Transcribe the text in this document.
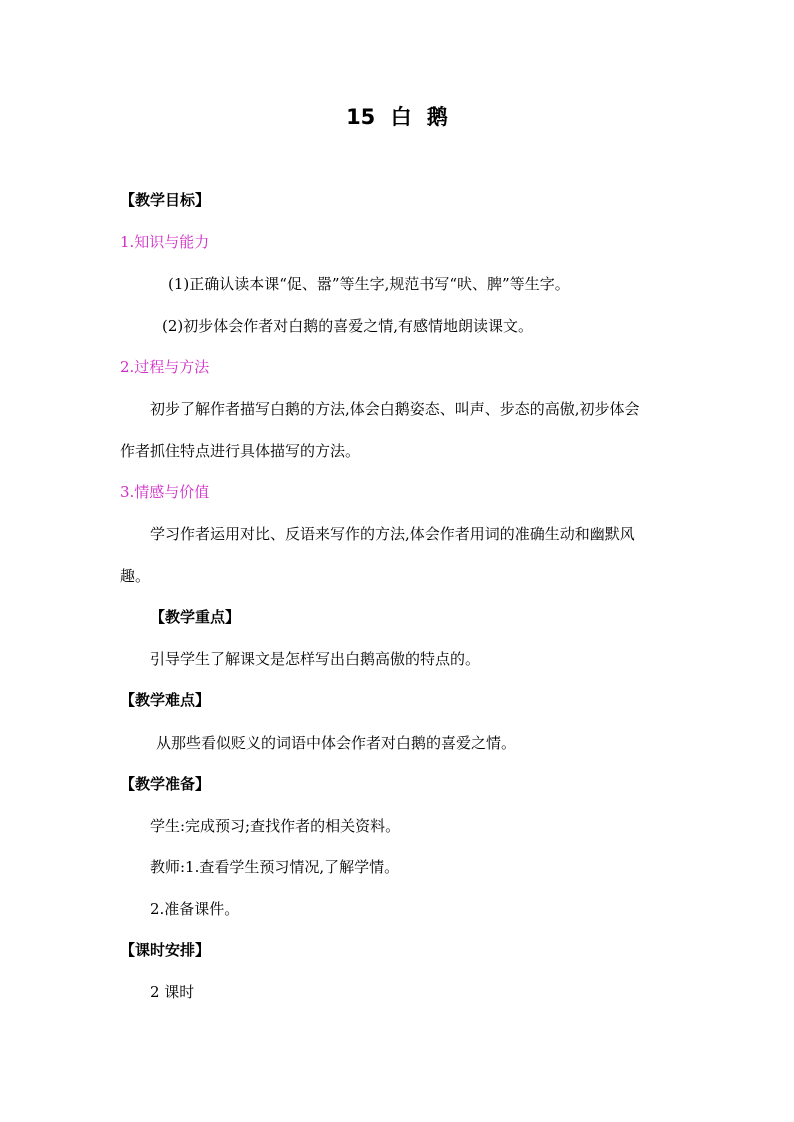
15 白 鹅
【教学目标】
1.知识与能力
(1)正确认读本课“促、嚣”等生字,规范书写“吠、脾”等生字。
(2)初步体会作者对白鹅的喜爱之情,有感情地朗读课文。
2.过程与方法
初步了解作者描写白鹅的方法,体会白鹅姿态、叫声、步态的高傲,初步体会
作者抓住特点进行具体描写的方法。
3.情感与价值
学习作者运用对比、反语来写作的方法,体会作者用词的准确生动和幽默风
趣。
【教学重点】
引导学生了解课文是怎样写出白鹅高傲的特点的。
【教学难点】
从那些看似贬义的词语中体会作者对白鹅的喜爱之情。
【教学准备】
学生:完成预习;查找作者的相关资料。
教师:1.查看学生预习情况,了解学情。
2.准备课件。
【课时安排】
2 课时
